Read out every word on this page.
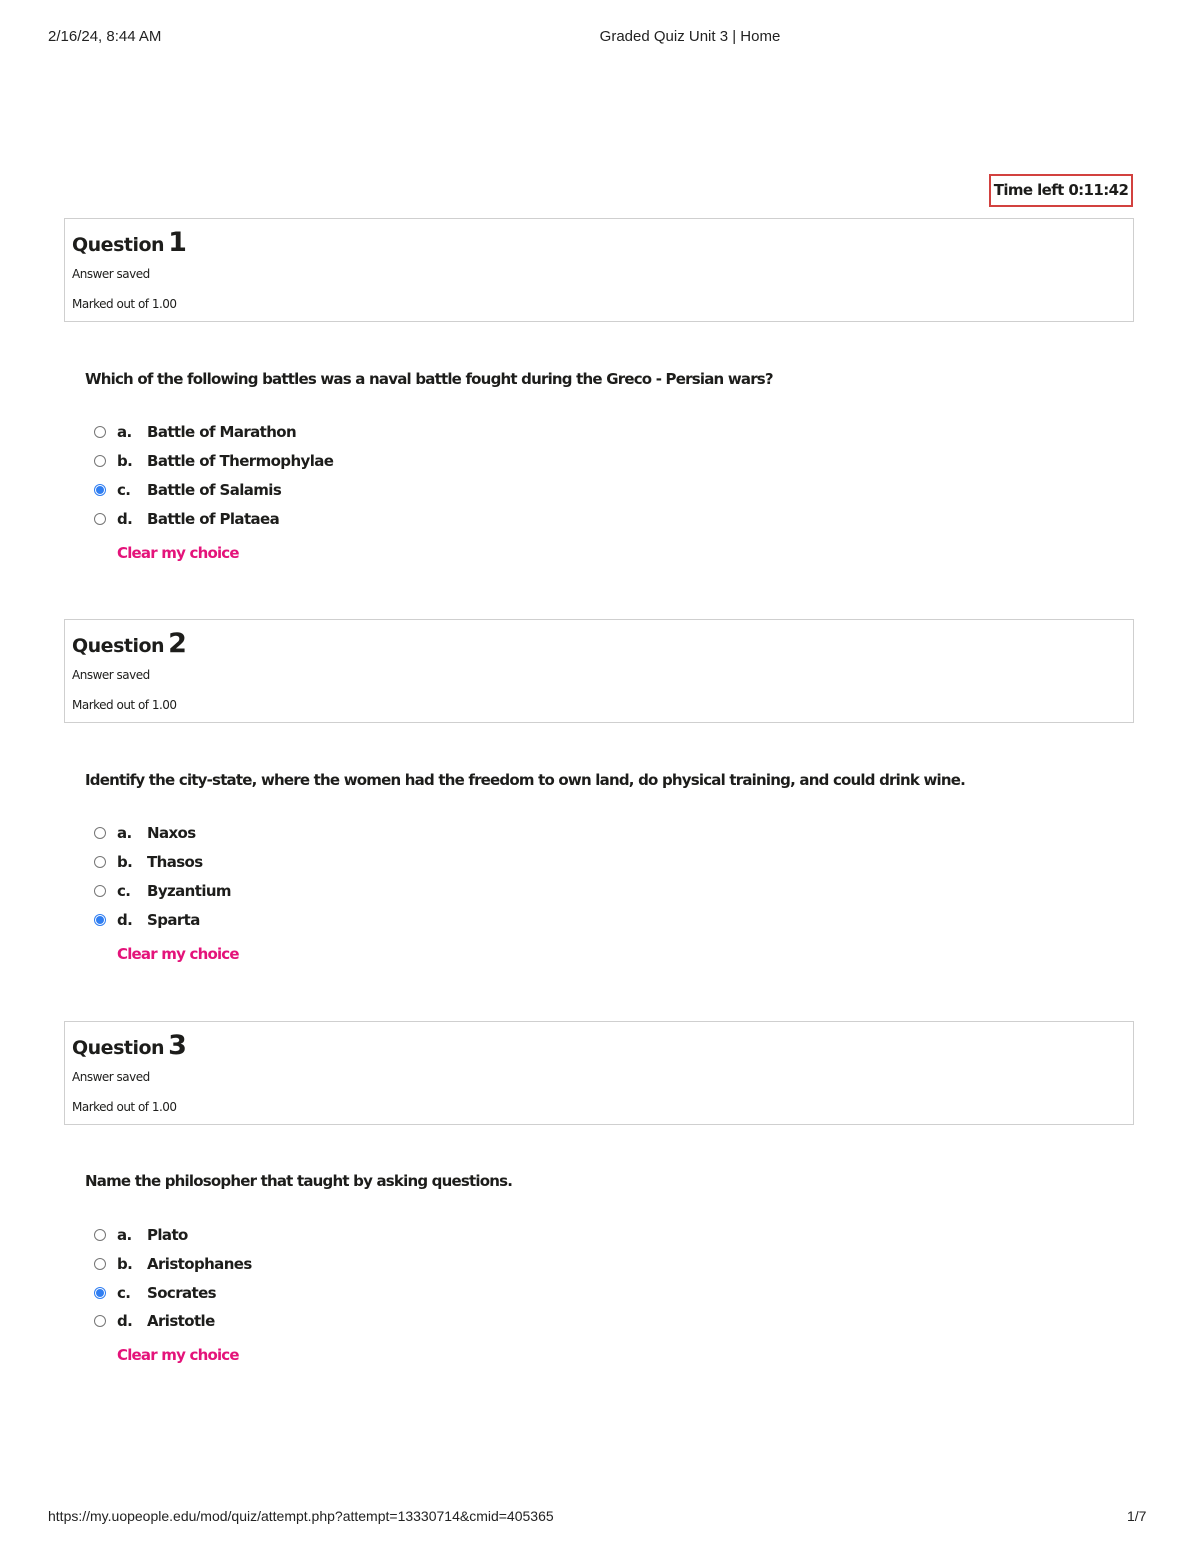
2/16/24, 8:44 AM	Graded Quiz Unit 3 | Home
Time left 0:11:42
Question 1
Answer saved
Marked out of 1.00
Which of the following battles was a naval battle fought during the Greco - Persian wars?
a.	Battle of Marathon
b. Battle of Thermophylae
c.	Battle of Salamis
d. Battle of Plataea
Clear my choice
Question 2
Answer saved
Marked out of 1.00
Identify the city-state, where the women had the freedom to own land, do physical training, and could drink wine.
a.	Naxos
b. Thasos
c.	Byzantium
d. Sparta
Clear my choice
Question 3
Answer saved
Marked out of 1.00
Name the philosopher that taught by asking questions.
a.	Plato
b. Aristophanes
c.	Socrates
d. Aristotle
Clear my choice
https://my.uopeople.edu/mod/quiz/attempt.php?attempt=13330714&cmid=405365	1/7
